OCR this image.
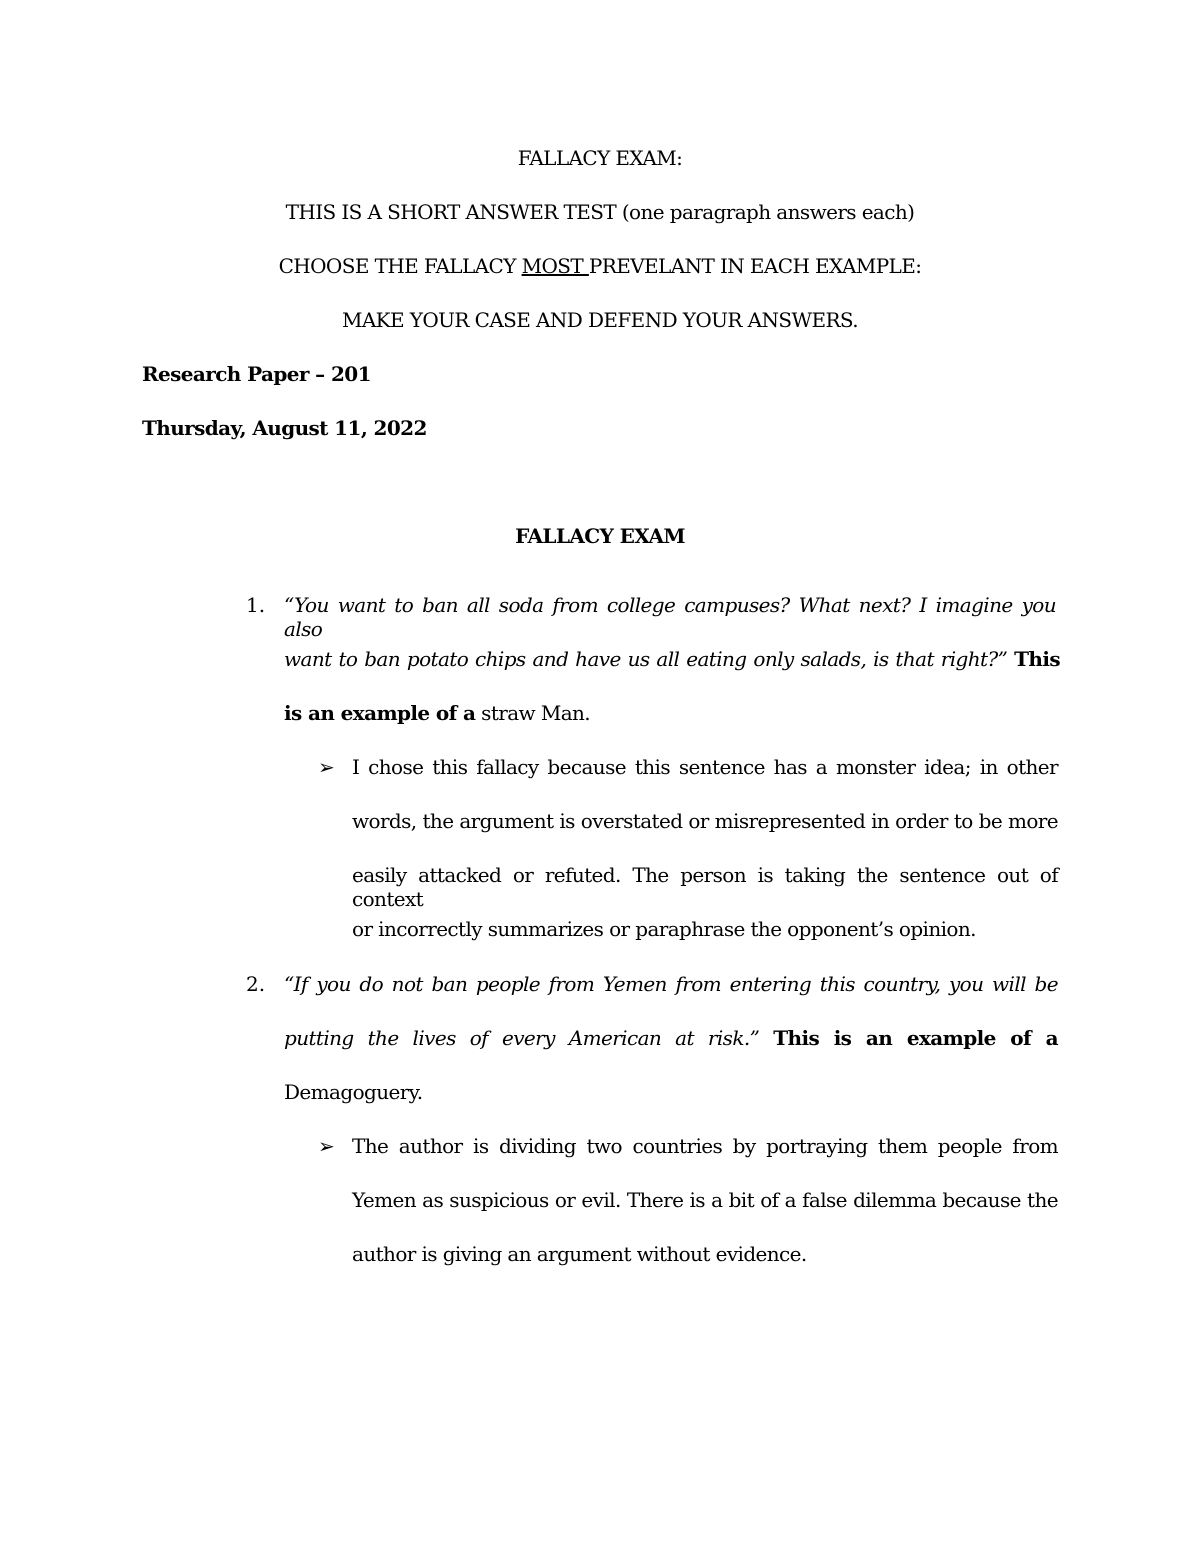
FALLACY EXAM:
THIS IS A SHORT ANSWER TEST (one paragraph answers each)
CHOOSE THE FALLACY MOST PREVELANT IN EACH EXAMPLE:
MAKE YOUR CASE AND DEFEND YOUR ANSWERS.
Research Paper – 201
Thursday, August 11, 2022
FALLACY EXAM
1. “You want to ban all soda from college campuses? What next? I imagine you also
want to ban potato chips and have us all eating only salads, is that right?” This
is an example of a straw Man.
➢ I chose this fallacy because this sentence has a monster idea; in other
words, the argument is overstated or misrepresented in order to be more
easily attacked or refuted. The person is taking the sentence out of context
or incorrectly summarizes or paraphrase the opponent’s opinion.
2. “If you do not ban people from Yemen from entering this country, you will be
putting the lives of every American at risk.” This is an example of a
Demagoguery.
➢ The author is dividing two countries by portraying them people from
Yemen as suspicious or evil. There is a bit of a false dilemma because the
author is giving an argument without evidence.
